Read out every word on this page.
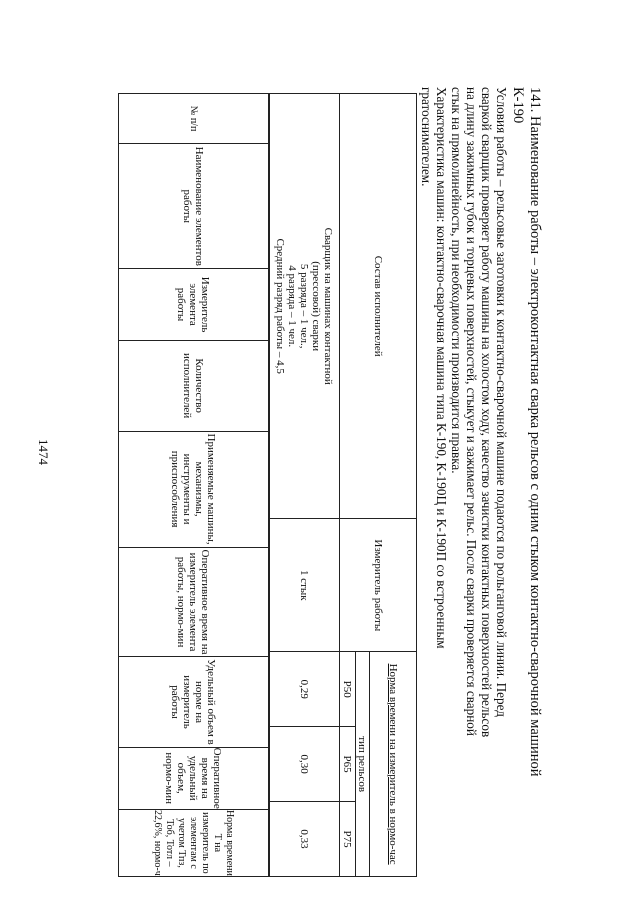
1474	141. Наименование работы – электроконтактная сварка рельсов с одним стыком контактно-сварочной машиной
К-190

Условия работы – рельсовые заготовки к контактно-сварочной машине подаются по рольганговой линии. Перед
сваркой сварщик проверяет работу машины на холостом ходу, качество зачистки контактных поверхностей рельсов
на длину зажимных губок и торцевых поверхностей, стыкует и зажимает рельс. После сварки проверяется сварной
стык на прямолинейность, при необходимости производится правка.

Характеристика машин: контактно-сварочная машина типа К-190, К-190Ц и К-190П со встроенным
гратоснимателем.

Состав исполнителей	Измеритель работы	Норма времени на измеритель в нормо-час		
		тип рельсов		
		Р50	Р65	Р75
Сварщик на машинах контактной
(прессовой) сварки
5 разряда – 1 чел.,
4 разряда – 1 чел.
Средний разряд работы – 4,5	1 стык	0,29	0,30	0,33
№ п/п	Наименование элементов работы	Измеритель элемента работы	Количество исполнителей	Применяемые машины, механизмы, инструменты и приспособления	Оперативное время на измеритель элемента работы, нормо-мин	Удельный объем в норме на измеритель работы	Оперативное время на удельный объем, нормо-мин	Норма времени Т на измеритель по элементам с учетом Тпз, Тоб, Тотл – 22,6%, нормо-ч
